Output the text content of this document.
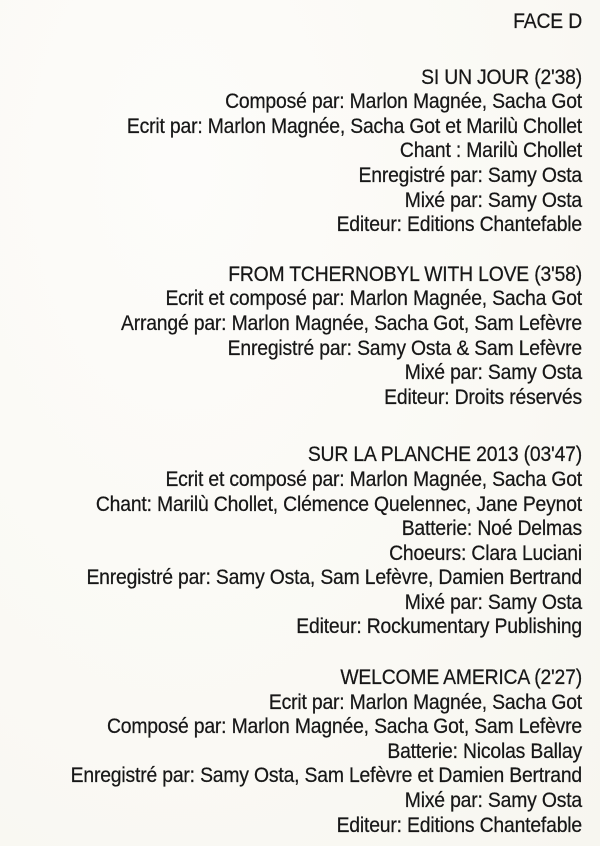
FACE D
SI UN JOUR (2'38)
Composé par: Marlon Magnée, Sacha Got
Ecrit par: Marlon Magnée, Sacha Got et Marilù Chollet
Chant : Marilù Chollet
Enregistré par: Samy Osta
Mixé par: Samy Osta
Editeur: Editions Chantefable
FROM TCHERNOBYL WITH LOVE (3'58)
Ecrit et composé par: Marlon Magnée, Sacha Got
Arrangé par: Marlon Magnée, Sacha Got, Sam Lefèvre
Enregistré par: Samy Osta & Sam Lefèvre
Mixé par: Samy Osta
Editeur: Droits réservés
SUR LA PLANCHE 2013 (03'47)
Ecrit et composé par: Marlon Magnée, Sacha Got
Chant: Marilù Chollet, Clémence Quelennec, Jane Peynot
Batterie: Noé Delmas
Choeurs: Clara Luciani
Enregistré par: Samy Osta, Sam Lefèvre, Damien Bertrand
Mixé par: Samy Osta
Editeur: Rockumentary Publishing
WELCOME AMERICA (2'27)
Ecrit par: Marlon Magnée, Sacha Got
Composé par: Marlon Magnée, Sacha Got, Sam Lefèvre
Batterie: Nicolas Ballay
Enregistré par: Samy Osta, Sam Lefèvre et Damien Bertrand
Mixé par: Samy Osta
Editeur: Editions Chantefable
